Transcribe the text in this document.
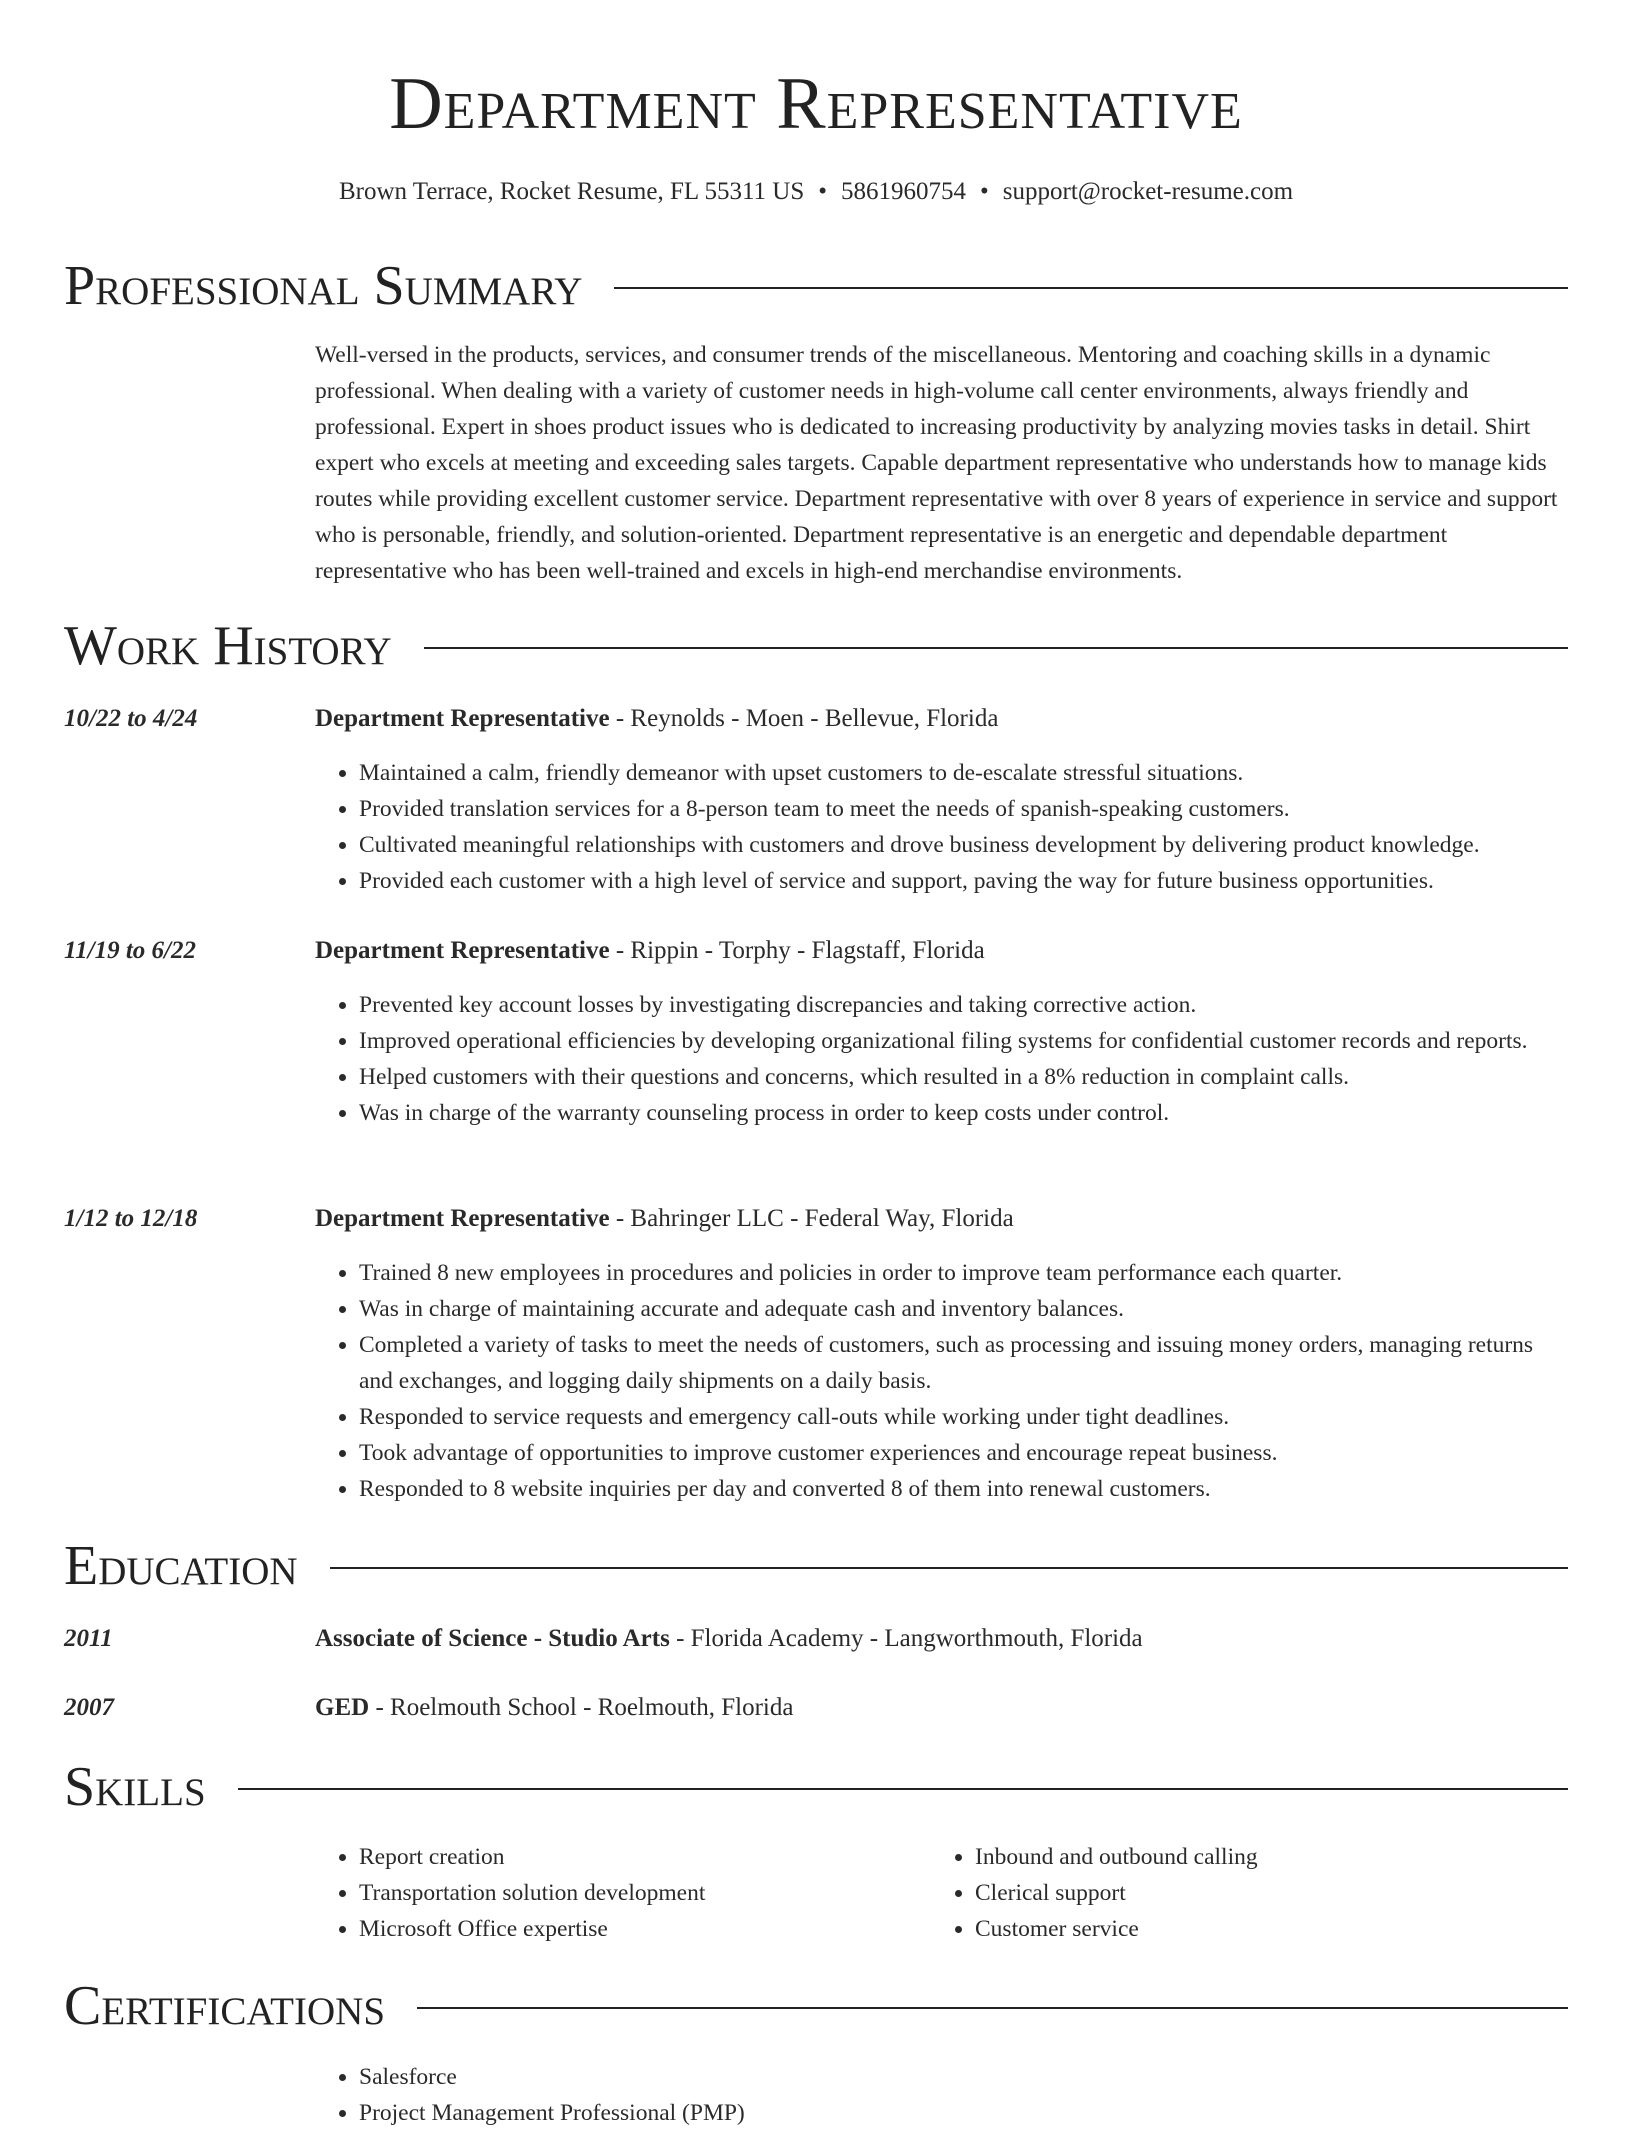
Department Representative
Brown Terrace, Rocket Resume, FL 55311 US • 5861960754 • support@rocket-resume.com
Professional Summary
Well-versed in the products, services, and consumer trends of the miscellaneous. Mentoring and coaching skills in a dynamic professional. When dealing with a variety of customer needs in high-volume call center environments, always friendly and professional. Expert in shoes product issues who is dedicated to increasing productivity by analyzing movies tasks in detail. Shirt expert who excels at meeting and exceeding sales targets. Capable department representative who understands how to manage kids routes while providing excellent customer service. Department representative with over 8 years of experience in service and support who is personable, friendly, and solution-oriented. Department representative is an energetic and dependable department representative who has been well-trained and excels in high-end merchandise environments.
Work History
10/22 to 4/24	Department Representative - Reynolds - Moen - Bellevue, Florida
• Maintained a calm, friendly demeanor with upset customers to de-escalate stressful situations.
• Provided translation services for a 8-person team to meet the needs of spanish-speaking customers.
• Cultivated meaningful relationships with customers and drove business development by delivering product knowledge.
• Provided each customer with a high level of service and support, paving the way for future business opportunities.
11/19 to 6/22	Department Representative - Rippin - Torphy - Flagstaff, Florida
• Prevented key account losses by investigating discrepancies and taking corrective action.
• Improved operational efficiencies by developing organizational filing systems for confidential customer records and reports.
• Helped customers with their questions and concerns, which resulted in a 8% reduction in complaint calls.
• Was in charge of the warranty counseling process in order to keep costs under control.
1/12 to 12/18	Department Representative - Bahringer LLC - Federal Way, Florida
• Trained 8 new employees in procedures and policies in order to improve team performance each quarter.
• Was in charge of maintaining accurate and adequate cash and inventory balances.
• Completed a variety of tasks to meet the needs of customers, such as processing and issuing money orders, managing returns and exchanges, and logging daily shipments on a daily basis.
• Responded to service requests and emergency call-outs while working under tight deadlines.
• Took advantage of opportunities to improve customer experiences and encourage repeat business.
• Responded to 8 website inquiries per day and converted 8 of them into renewal customers.
Education
2011	Associate of Science - Studio Arts - Florida Academy - Langworthmouth, Florida
2007	GED - Roelmouth School - Roelmouth, Florida
Skills
• Report creation
• Transportation solution development
• Microsoft Office expertise
• Inbound and outbound calling
• Clerical support
• Customer service
Certifications
• Salesforce
• Project Management Professional (PMP)
